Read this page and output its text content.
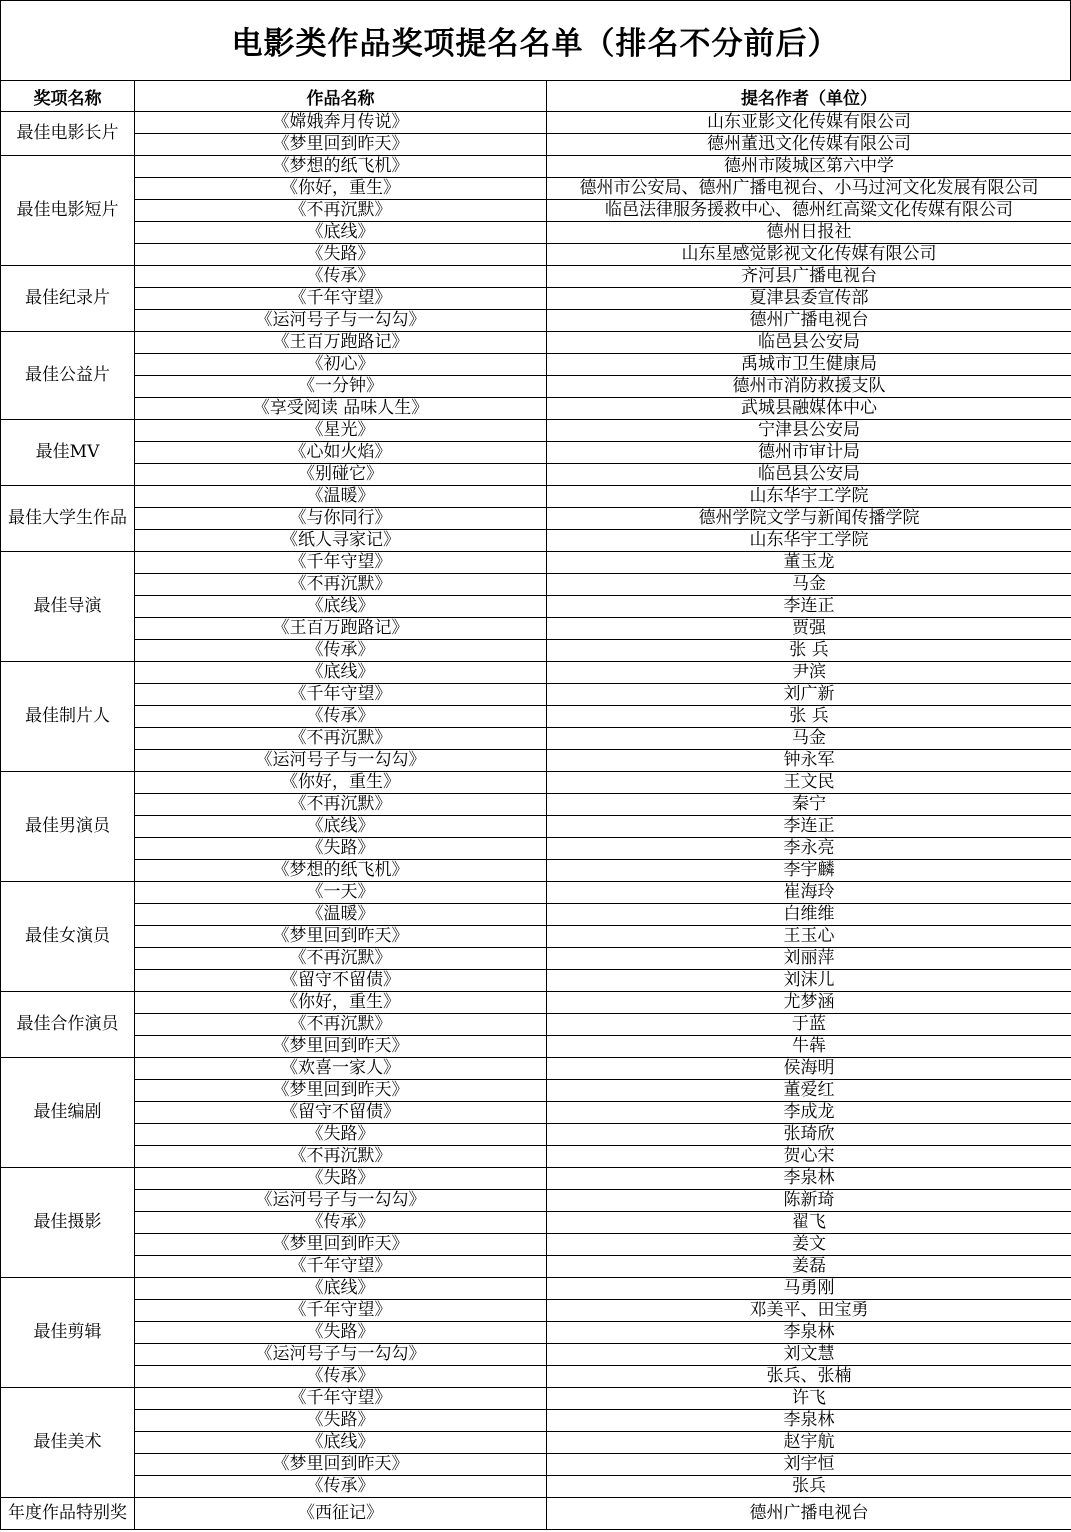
电影类作品奖项提名名单（排名不分前后）
奖项名称	作品名称	提名作者（单位）
最佳电影长片	《嫦娥奔月传说》	山东亚影文化传媒有限公司
	《梦里回到昨天》	德州董迅文化传媒有限公司
最佳电影短片	《梦想的纸飞机》	德州市陵城区第六中学
	《你好，重生》	德州市公安局、德州广播电视台、小马过河文化发展有限公司
	《不再沉默》	临邑法律服务援救中心、德州红高粱文化传媒有限公司
	《底线》	德州日报社
	《失路》	山东星感觉影视文化传媒有限公司
最佳纪录片	《传承》	齐河县广播电视台
	《千年守望》	夏津县委宣传部
	《运河号子与一勾勾》	德州广播电视台
最佳公益片	《王百万跑路记》	临邑县公安局
	《初心》	禹城市卫生健康局
	《一分钟》	德州市消防救援支队
	《享受阅读 品味人生》	武城县融媒体中心
最佳MV	《星光》	宁津县公安局
	《心如火焰》	德州市审计局
	《别碰它》	临邑县公安局
最佳大学生作品	《温暖》	山东华宇工学院
	《与你同行》	德州学院文学与新闻传播学院
	《纸人寻家记》	山东华宇工学院
最佳导演	《千年守望》	董玉龙
	《不再沉默》	马金
	《底线》	李连正
	《王百万跑路记》	贾强
	《传承》	张 兵
最佳制片人	《底线》	尹滨
	《千年守望》	刘广新
	《传承》	张 兵
	《不再沉默》	马金
	《运河号子与一勾勾》	钟永军
最佳男演员	《你好，重生》	王文民
	《不再沉默》	秦宁
	《底线》	李连正
	《失路》	李永亮
	《梦想的纸飞机》	李宇麟
最佳女演员	《一天》	崔海玲
	《温暖》	白维维
	《梦里回到昨天》	王玉心
	《不再沉默》	刘丽萍
	《留守不留债》	刘沫儿
最佳合作演员	《你好，重生》	尤梦涵
	《不再沉默》	于蓝
	《梦里回到昨天》	牛犇
最佳编剧	《欢喜一家人》	侯海明
	《梦里回到昨天》	董爱红
	《留守不留债》	李成龙
	《失路》	张琦欣
	《不再沉默》	贺心宋
最佳摄影	《失路》	李泉林
	《运河号子与一勾勾》	陈新琦
	《传承》	翟飞
	《梦里回到昨天》	姜文
	《千年守望》	姜磊
最佳剪辑	《底线》	马勇刚
	《千年守望》	邓美平、田宝勇
	《失路》	李泉林
	《运河号子与一勾勾》	刘文慧
	《传承》	张兵、张楠
最佳美术	《千年守望》	许飞
	《失路》	李泉林
	《底线》	赵宇航
	《梦里回到昨天》	刘宇恒
	《传承》	张兵
年度作品特别奖	《西征记》	德州广播电视台
